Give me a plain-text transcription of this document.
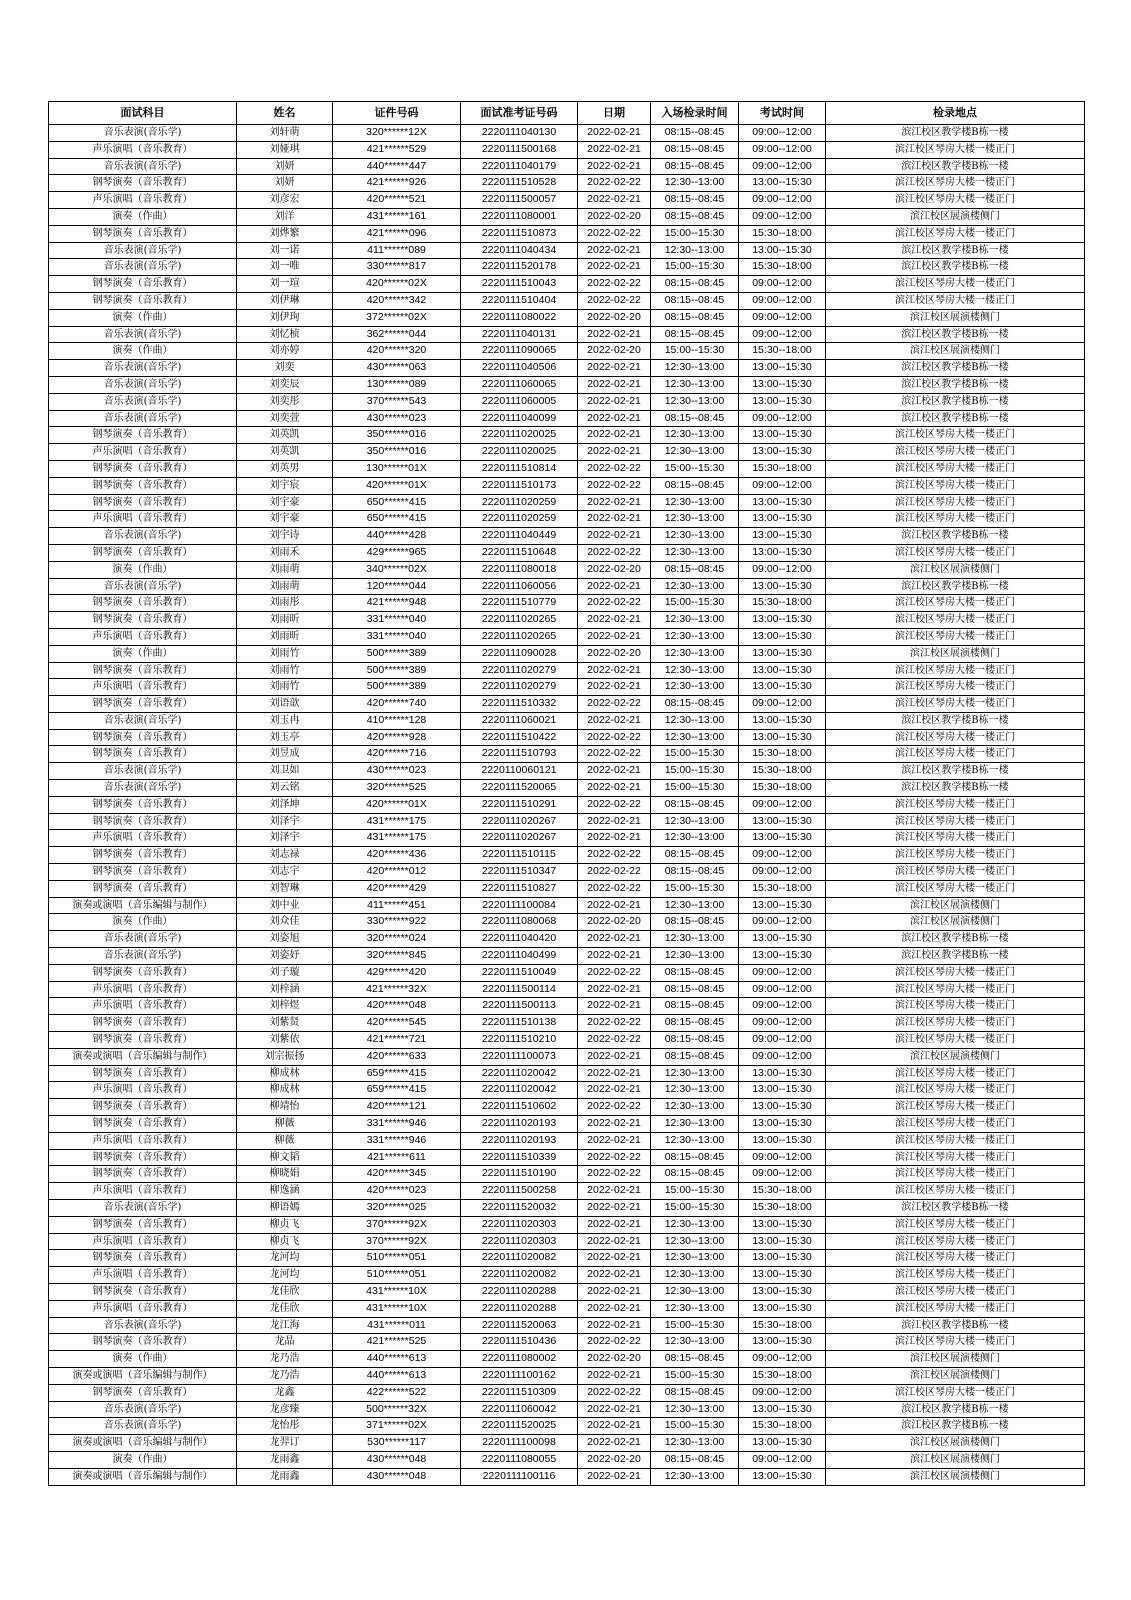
面试科目	姓名	证件号码	面试准考证号码	日期	入场检录时间	考试时间	检录地点
音乐表演(音乐学)	刘轩萌	320******12X	2220111040130	2022-02-21	08:15--08:45	09:00--12:00	滨江校区教学楼B栋一楼
声乐演唱（音乐教育）	刘娅琪	421******529	2220111500168	2022-02-21	08:15--08:45	09:00--12:00	滨江校区琴房大楼一楼正门
音乐表演(音乐学)	刘妍	440******447	2220111040179	2022-02-21	08:15--08:45	09:00--12:00	滨江校区教学楼B栋一楼
钢琴演奏（音乐教育）	刘妍	421******926	2220111510528	2022-02-22	12:30--13:00	13:00--15:30	滨江校区琴房大楼一楼正门
声乐演唱（音乐教育）	刘彦宏	420******521	2220111500057	2022-02-21	08:15--08:45	09:00--12:00	滨江校区琴房大楼一楼正门
演奏（作曲）	刘洋	431******161	2220111080001	2022-02-20	08:15--08:45	09:00--12:00	滨江校区展演楼侧门
钢琴演奏（音乐教育）	刘烨繁	421******096	2220111510873	2022-02-22	15:00--15:30	15:30--18:00	滨江校区琴房大楼一楼正门
音乐表演(音乐学)	刘一诺	411******089	2220111040434	2022-02-21	12:30--13:00	13:00--15:30	滨江校区教学楼B栋一楼
音乐表演(音乐学)	刘一唯	330******817	2220111520178	2022-02-21	15:00--15:30	15:30--18:00	滨江校区教学楼B栋一楼
钢琴演奏（音乐教育）	刘一瑄	420******02X	2220111510043	2022-02-22	08:15--08:45	09:00--12:00	滨江校区琴房大楼一楼正门
钢琴演奏（音乐教育）	刘伊琳	420******342	2220111510404	2022-02-22	08:15--08:45	09:00--12:00	滨江校区琴房大楼一楼正门
演奏（作曲）	刘伊珣	372******02X	2220111080022	2022-02-20	08:15--08:45	09:00--12:00	滨江校区展演楼侧门
音乐表演(音乐学)	刘忆桢	362******044	2220111040131	2022-02-21	08:15--08:45	09:00--12:00	滨江校区教学楼B栋一楼
演奏（作曲）	刘亦婷	420******320	2220111090065	2022-02-20	15:00--15:30	15:30--18:00	滨江校区展演楼侧门
音乐表演(音乐学)	刘奕	430******063	2220111040506	2022-02-21	12:30--13:00	13:00--15:30	滨江校区教学楼B栋一楼
音乐表演(音乐学)	刘奕辰	130******089	2220111060065	2022-02-21	12:30--13:00	13:00--15:30	滨江校区教学楼B栋一楼
音乐表演(音乐学)	刘奕彤	370******543	2220111060005	2022-02-21	12:30--13:00	13:00--15:30	滨江校区教学楼B栋一楼
音乐表演(音乐学)	刘奕萱	430******023	2220111040099	2022-02-21	08:15--08:45	09:00--12:00	滨江校区教学楼B栋一楼
钢琴演奏（音乐教育）	刘英凯	350******016	2220111020025	2022-02-21	12:30--13:00	13:00--15:30	滨江校区琴房大楼一楼正门
声乐演唱（音乐教育）	刘英凯	350******016	2220111020025	2022-02-21	12:30--13:00	13:00--15:30	滨江校区琴房大楼一楼正门
钢琴演奏（音乐教育）	刘英男	130******01X	2220111510814	2022-02-22	15:00--15:30	15:30--18:00	滨江校区琴房大楼一楼正门
钢琴演奏（音乐教育）	刘宇宸	420******01X	2220111510173	2022-02-22	08:15--08:45	09:00--12:00	滨江校区琴房大楼一楼正门
钢琴演奏（音乐教育）	刘宇豪	650******415	2220111020259	2022-02-21	12:30--13:00	13:00--15:30	滨江校区琴房大楼一楼正门
声乐演唱（音乐教育）	刘宇豪	650******415	2220111020259	2022-02-21	12:30--13:00	13:00--15:30	滨江校区琴房大楼一楼正门
音乐表演(音乐学)	刘宇诗	440******428	2220111040449	2022-02-21	12:30--13:00	13:00--15:30	滨江校区教学楼B栋一楼
钢琴演奏（音乐教育）	刘雨禾	429******965	2220111510648	2022-02-22	12:30--13:00	13:00--15:30	滨江校区琴房大楼一楼正门
演奏（作曲）	刘雨萌	340******02X	2220111080018	2022-02-20	08:15--08:45	09:00--12:00	滨江校区展演楼侧门
音乐表演(音乐学)	刘雨萌	120******044	2220111060056	2022-02-21	12:30--13:00	13:00--15:30	滨江校区教学楼B栋一楼
钢琴演奏（音乐教育）	刘雨彤	421******948	2220111510779	2022-02-22	15:00--15:30	15:30--18:00	滨江校区琴房大楼一楼正门
钢琴演奏（音乐教育）	刘雨昕	331******040	2220111020265	2022-02-21	12:30--13:00	13:00--15:30	滨江校区琴房大楼一楼正门
声乐演唱（音乐教育）	刘雨昕	331******040	2220111020265	2022-02-21	12:30--13:00	13:00--15:30	滨江校区琴房大楼一楼正门
演奏（作曲）	刘雨竹	500******389	2220111090028	2022-02-20	12:30--13:00	13:00--15:30	滨江校区展演楼侧门
钢琴演奏（音乐教育）	刘雨竹	500******389	2220111020279	2022-02-21	12:30--13:00	13:00--15:30	滨江校区琴房大楼一楼正门
声乐演唱（音乐教育）	刘雨竹	500******389	2220111020279	2022-02-21	12:30--13:00	13:00--15:30	滨江校区琴房大楼一楼正门
钢琴演奏（音乐教育）	刘语歆	420******740	2220111510332	2022-02-22	08:15--08:45	09:00--12:00	滨江校区琴房大楼一楼正门
音乐表演(音乐学)	刘玉冉	410******128	2220111060021	2022-02-21	12:30--13:00	13:00--15:30	滨江校区教学楼B栋一楼
钢琴演奏（音乐教育）	刘玉亭	420******928	2220111510422	2022-02-22	12:30--13:00	13:00--15:30	滨江校区琴房大楼一楼正门
钢琴演奏（音乐教育）	刘昱成	420******716	2220111510793	2022-02-22	15:00--15:30	15:30--18:00	滨江校区琴房大楼一楼正门
音乐表演(音乐学)	刘卫如	430******023	2220110060121	2022-02-21	15:00--15:30	15:30--18:00	滨江校区教学楼B栋一楼
音乐表演(音乐学)	刘云铭	320******525	2220111520065	2022-02-21	15:00--15:30	15:30--18:00	滨江校区教学楼B栋一楼
钢琴演奏（音乐教育）	刘泽坤	420******01X	2220111510291	2022-02-22	08:15--08:45	09:00--12:00	滨江校区琴房大楼一楼正门
钢琴演奏（音乐教育）	刘泽宇	431******175	2220111020267	2022-02-21	12:30--13:00	13:00--15:30	滨江校区琴房大楼一楼正门
声乐演唱（音乐教育）	刘泽宇	431******175	2220111020267	2022-02-21	12:30--13:00	13:00--15:30	滨江校区琴房大楼一楼正门
钢琴演奏（音乐教育）	刘志禄	420******436	2220111510115	2022-02-22	08:15--08:45	09:00--12:00	滨江校区琴房大楼一楼正门
钢琴演奏（音乐教育）	刘志宇	420******012	2220111510347	2022-02-22	08:15--08:45	09:00--12:00	滨江校区琴房大楼一楼正门
钢琴演奏（音乐教育）	刘智琳	420******429	2220111510827	2022-02-22	15:00--15:30	15:30--18:00	滨江校区琴房大楼一楼正门
演奏或演唱（音乐编辑与制作）	刘中业	411******451	2220111100084	2022-02-21	12:30--13:00	13:00--15:30	滨江校区展演楼侧门
演奏（作曲）	刘众佳	330******922	2220111080068	2022-02-20	08:15--08:45	09:00--12:00	滨江校区展演楼侧门
音乐表演(音乐学)	刘姿旭	320******024	2220111040420	2022-02-21	12:30--13:00	13:00--15:30	滨江校区教学楼B栋一楼
音乐表演(音乐学)	刘姿妤	320******845	2220111040499	2022-02-21	12:30--13:00	13:00--15:30	滨江校区教学楼B栋一楼
钢琴演奏（音乐教育）	刘子璇	429******420	2220111510049	2022-02-22	08:15--08:45	09:00--12:00	滨江校区琴房大楼一楼正门
声乐演唱（音乐教育）	刘梓涵	421******32X	2220111500114	2022-02-21	08:15--08:45	09:00--12:00	滨江校区琴房大楼一楼正门
声乐演唱（音乐教育）	刘梓煜	420******048	2220111500113	2022-02-21	08:15--08:45	09:00--12:00	滨江校区琴房大楼一楼正门
钢琴演奏（音乐教育）	刘紫贤	420******545	2220111510138	2022-02-22	08:15--08:45	09:00--12:00	滨江校区琴房大楼一楼正门
钢琴演奏（音乐教育）	刘紫依	421******721	2220111510210	2022-02-22	08:15--08:45	09:00--12:00	滨江校区琴房大楼一楼正门
演奏或演唱（音乐编辑与制作）	刘宗振扬	420******633	2220111100073	2022-02-21	08:15--08:45	09:00--12:00	滨江校区展演楼侧门
钢琴演奏（音乐教育）	柳成林	659******415	2220111020042	2022-02-21	12:30--13:00	13:00--15:30	滨江校区琴房大楼一楼正门
声乐演唱（音乐教育）	柳成林	659******415	2220111020042	2022-02-21	12:30--13:00	13:00--15:30	滨江校区琴房大楼一楼正门
钢琴演奏（音乐教育）	柳靖怡	420******121	2220111510602	2022-02-22	12:30--13:00	13:00--15:30	滨江校区琴房大楼一楼正门
钢琴演奏（音乐教育）	柳薇	331******946	2220111020193	2022-02-21	12:30--13:00	13:00--15:30	滨江校区琴房大楼一楼正门
声乐演唱（音乐教育）	柳薇	331******946	2220111020193	2022-02-21	12:30--13:00	13:00--15:30	滨江校区琴房大楼一楼正门
钢琴演奏（音乐教育）	柳文韬	421******611	2220111510339	2022-02-22	08:15--08:45	09:00--12:00	滨江校区琴房大楼一楼正门
钢琴演奏（音乐教育）	柳晓娟	420******345	2220111510190	2022-02-22	08:15--08:45	09:00--12:00	滨江校区琴房大楼一楼正门
声乐演唱（音乐教育）	柳逸涵	420******023	2220111500258	2022-02-21	15:00--15:30	15:30--18:00	滨江校区琴房大楼一楼正门
音乐表演(音乐学)	柳语嫣	320******025	2220111520032	2022-02-21	15:00--15:30	15:30--18:00	滨江校区教学楼B栋一楼
钢琴演奏（音乐教育）	柳贞飞	370******92X	2220111020303	2022-02-21	12:30--13:00	13:00--15:30	滨江校区琴房大楼一楼正门
声乐演唱（音乐教育）	柳贞飞	370******92X	2220111020303	2022-02-21	12:30--13:00	13:00--15:30	滨江校区琴房大楼一楼正门
钢琴演奏（音乐教育）	龙河均	510******051	2220111020082	2022-02-21	12:30--13:00	13:00--15:30	滨江校区琴房大楼一楼正门
声乐演唱（音乐教育）	龙河均	510******051	2220111020082	2022-02-21	12:30--13:00	13:00--15:30	滨江校区琴房大楼一楼正门
钢琴演奏（音乐教育）	龙佳欣	431******10X	2220111020288	2022-02-21	12:30--13:00	13:00--15:30	滨江校区琴房大楼一楼正门
声乐演唱（音乐教育）	龙佳欣	431******10X	2220111020288	2022-02-21	12:30--13:00	13:00--15:30	滨江校区琴房大楼一楼正门
音乐表演(音乐学)	龙江海	431******011	2220111520063	2022-02-21	15:00--15:30	15:30--18:00	滨江校区教学楼B栋一楼
钢琴演奏（音乐教育）	龙晶	421******525	2220111510436	2022-02-22	12:30--13:00	13:00--15:30	滨江校区琴房大楼一楼正门
演奏（作曲）	龙乃浩	440******613	2220111080002	2022-02-20	08:15--08:45	09:00--12:00	滨江校区展演楼侧门
演奏或演唱（音乐编辑与制作）	龙乃浩	440******613	2220111100162	2022-02-21	15:00--15:30	15:30--18:00	滨江校区展演楼侧门
钢琴演奏（音乐教育）	龙鑫	422******522	2220111510309	2022-02-22	08:15--08:45	09:00--12:00	滨江校区琴房大楼一楼正门
音乐表演(音乐学)	龙彦臻	500******32X	2220111060042	2022-02-21	12:30--13:00	13:00--15:30	滨江校区教学楼B栋一楼
音乐表演(音乐学)	龙怡彤	371******02X	2220111520025	2022-02-21	15:00--15:30	15:30--18:00	滨江校区教学楼B栋一楼
演奏或演唱（音乐编辑与制作）	龙羿订	530******117	2220111100098	2022-02-21	12:30--13:00	13:00--15:30	滨江校区展演楼侧门
演奏（作曲）	龙雨鑫	430******048	2220111080055	2022-02-20	08:15--08:45	09:00--12:00	滨江校区展演楼侧门
演奏或演唱（音乐编辑与制作）	龙雨鑫	430******048	2220111100116	2022-02-21	12:30--13:00	13:00--15:30	滨江校区展演楼侧门
